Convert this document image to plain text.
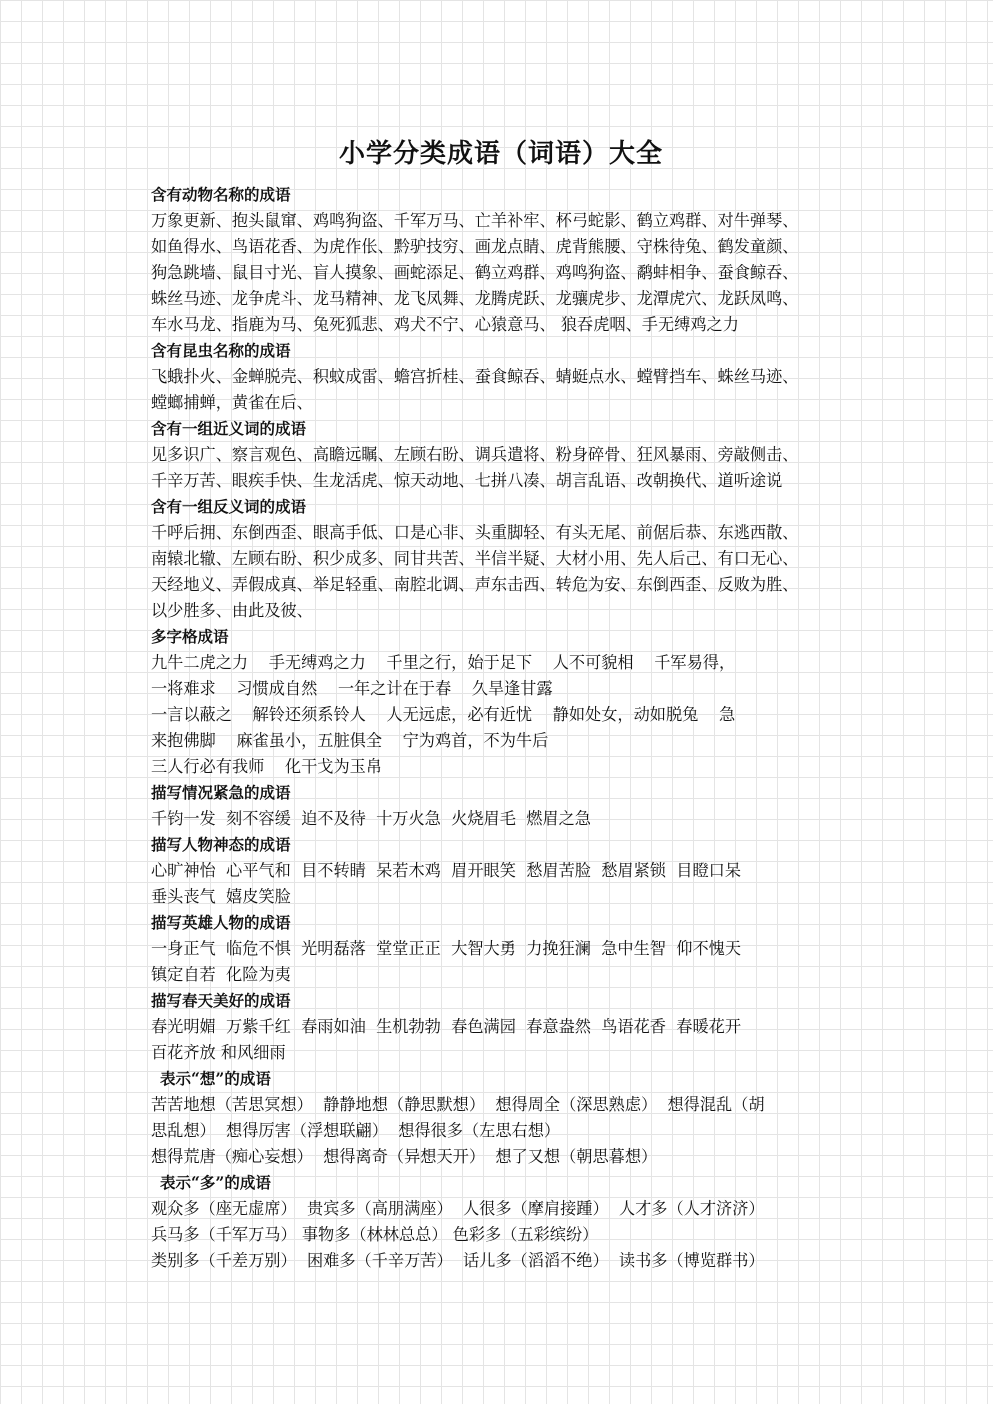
小学分类成语（词语）大全
含有动物名称的成语
万象更新、抱头鼠窜、鸡鸣狗盗、千军万马、亡羊补牢、杯弓蛇影、鹤立鸡群、对牛弹琴、
如鱼得水、鸟语花香、为虎作伥、黔驴技穷、画龙点睛、虎背熊腰、守株待兔、鹤发童颜、
狗急跳墙、鼠目寸光、盲人摸象、画蛇添足、鹤立鸡群、鸡鸣狗盗、鹬蚌相争、蚕食鲸吞、
蛛丝马迹、龙争虎斗、龙马精神、龙飞凤舞、龙腾虎跃、龙骧虎步、龙潭虎穴、龙跃凤鸣、
车水马龙、指鹿为马、兔死狐悲、鸡犬不宁、心猿意马、 狼吞虎咽、手无缚鸡之力
含有昆虫名称的成语
飞蛾扑火、金蝉脱壳、积蚊成雷、蟾宫折桂、蚕食鲸吞、蜻蜓点水、螳臂挡车、蛛丝马迹、
螳螂捕蝉，黄雀在后、
含有一组近义词的成语
见多识广、察言观色、高瞻远瞩、左顾右盼、调兵遣将、粉身碎骨、狂风暴雨、旁敲侧击、
千辛万苦、眼疾手快、生龙活虎、惊天动地、七拼八凑、胡言乱语、改朝换代、道听途说
含有一组反义词的成语
千呼后拥、东倒西歪、眼高手低、口是心非、头重脚轻、有头无尾、前倨后恭、东逃西散、
南辕北辙、左顾右盼、积少成多、同甘共苦、半信半疑、大材小用、先人后己、有口无心、
天经地义、弄假成真、举足轻重、南腔北调、声东击西、转危为安、东倒西歪、反败为胜、
以少胜多、由此及彼、
多字格成语
九牛二虎之力    手无缚鸡之力    千里之行，始于足下    人不可貌相    千军易得，
一将难求    习惯成自然    一年之计在于春    久旱逢甘露
一言以蔽之    解铃还须系铃人    人无远虑，必有近忧    静如处女，动如脱兔    急
来抱佛脚    麻雀虽小，五脏俱全    宁为鸡首，不为牛后
三人行必有我师    化干戈为玉帛
描写情况紧急的成语
千钧一发  刻不容缓  迫不及待  十万火急  火烧眉毛  燃眉之急
描写人物神态的成语
心旷神怡  心平气和  目不转睛  呆若木鸡  眉开眼笑  愁眉苦脸  愁眉紧锁  目瞪口呆
垂头丧气  嬉皮笑脸
描写英雄人物的成语
一身正气  临危不惧  光明磊落  堂堂正正  大智大勇  力挽狂澜  急中生智  仰不愧天
镇定自若  化险为夷
描写春天美好的成语
春光明媚  万紫千红  春雨如油  生机勃勃  春色满园  春意盎然  鸟语花香  春暖花开
百花齐放 和风细雨
表示“想”的成语
苦苦地想（苦思冥想）  静静地想（静思默想）  想得周全（深思熟虑）  想得混乱（胡
思乱想）  想得厉害（浮想联翩）  想得很多（左思右想）
想得荒唐（痴心妄想）  想得离奇（异想天开）  想了又想（朝思暮想）
表示“多”的成语
观众多（座无虚席）  贵宾多（高朋满座）  人很多（摩肩接踵）  人才多（人才济济）
兵马多（千军万马） 事物多（林林总总） 色彩多（五彩缤纷）
类别多（千差万别）  困难多（千辛万苦）  话儿多（滔滔不绝）  读书多（博览群书）
